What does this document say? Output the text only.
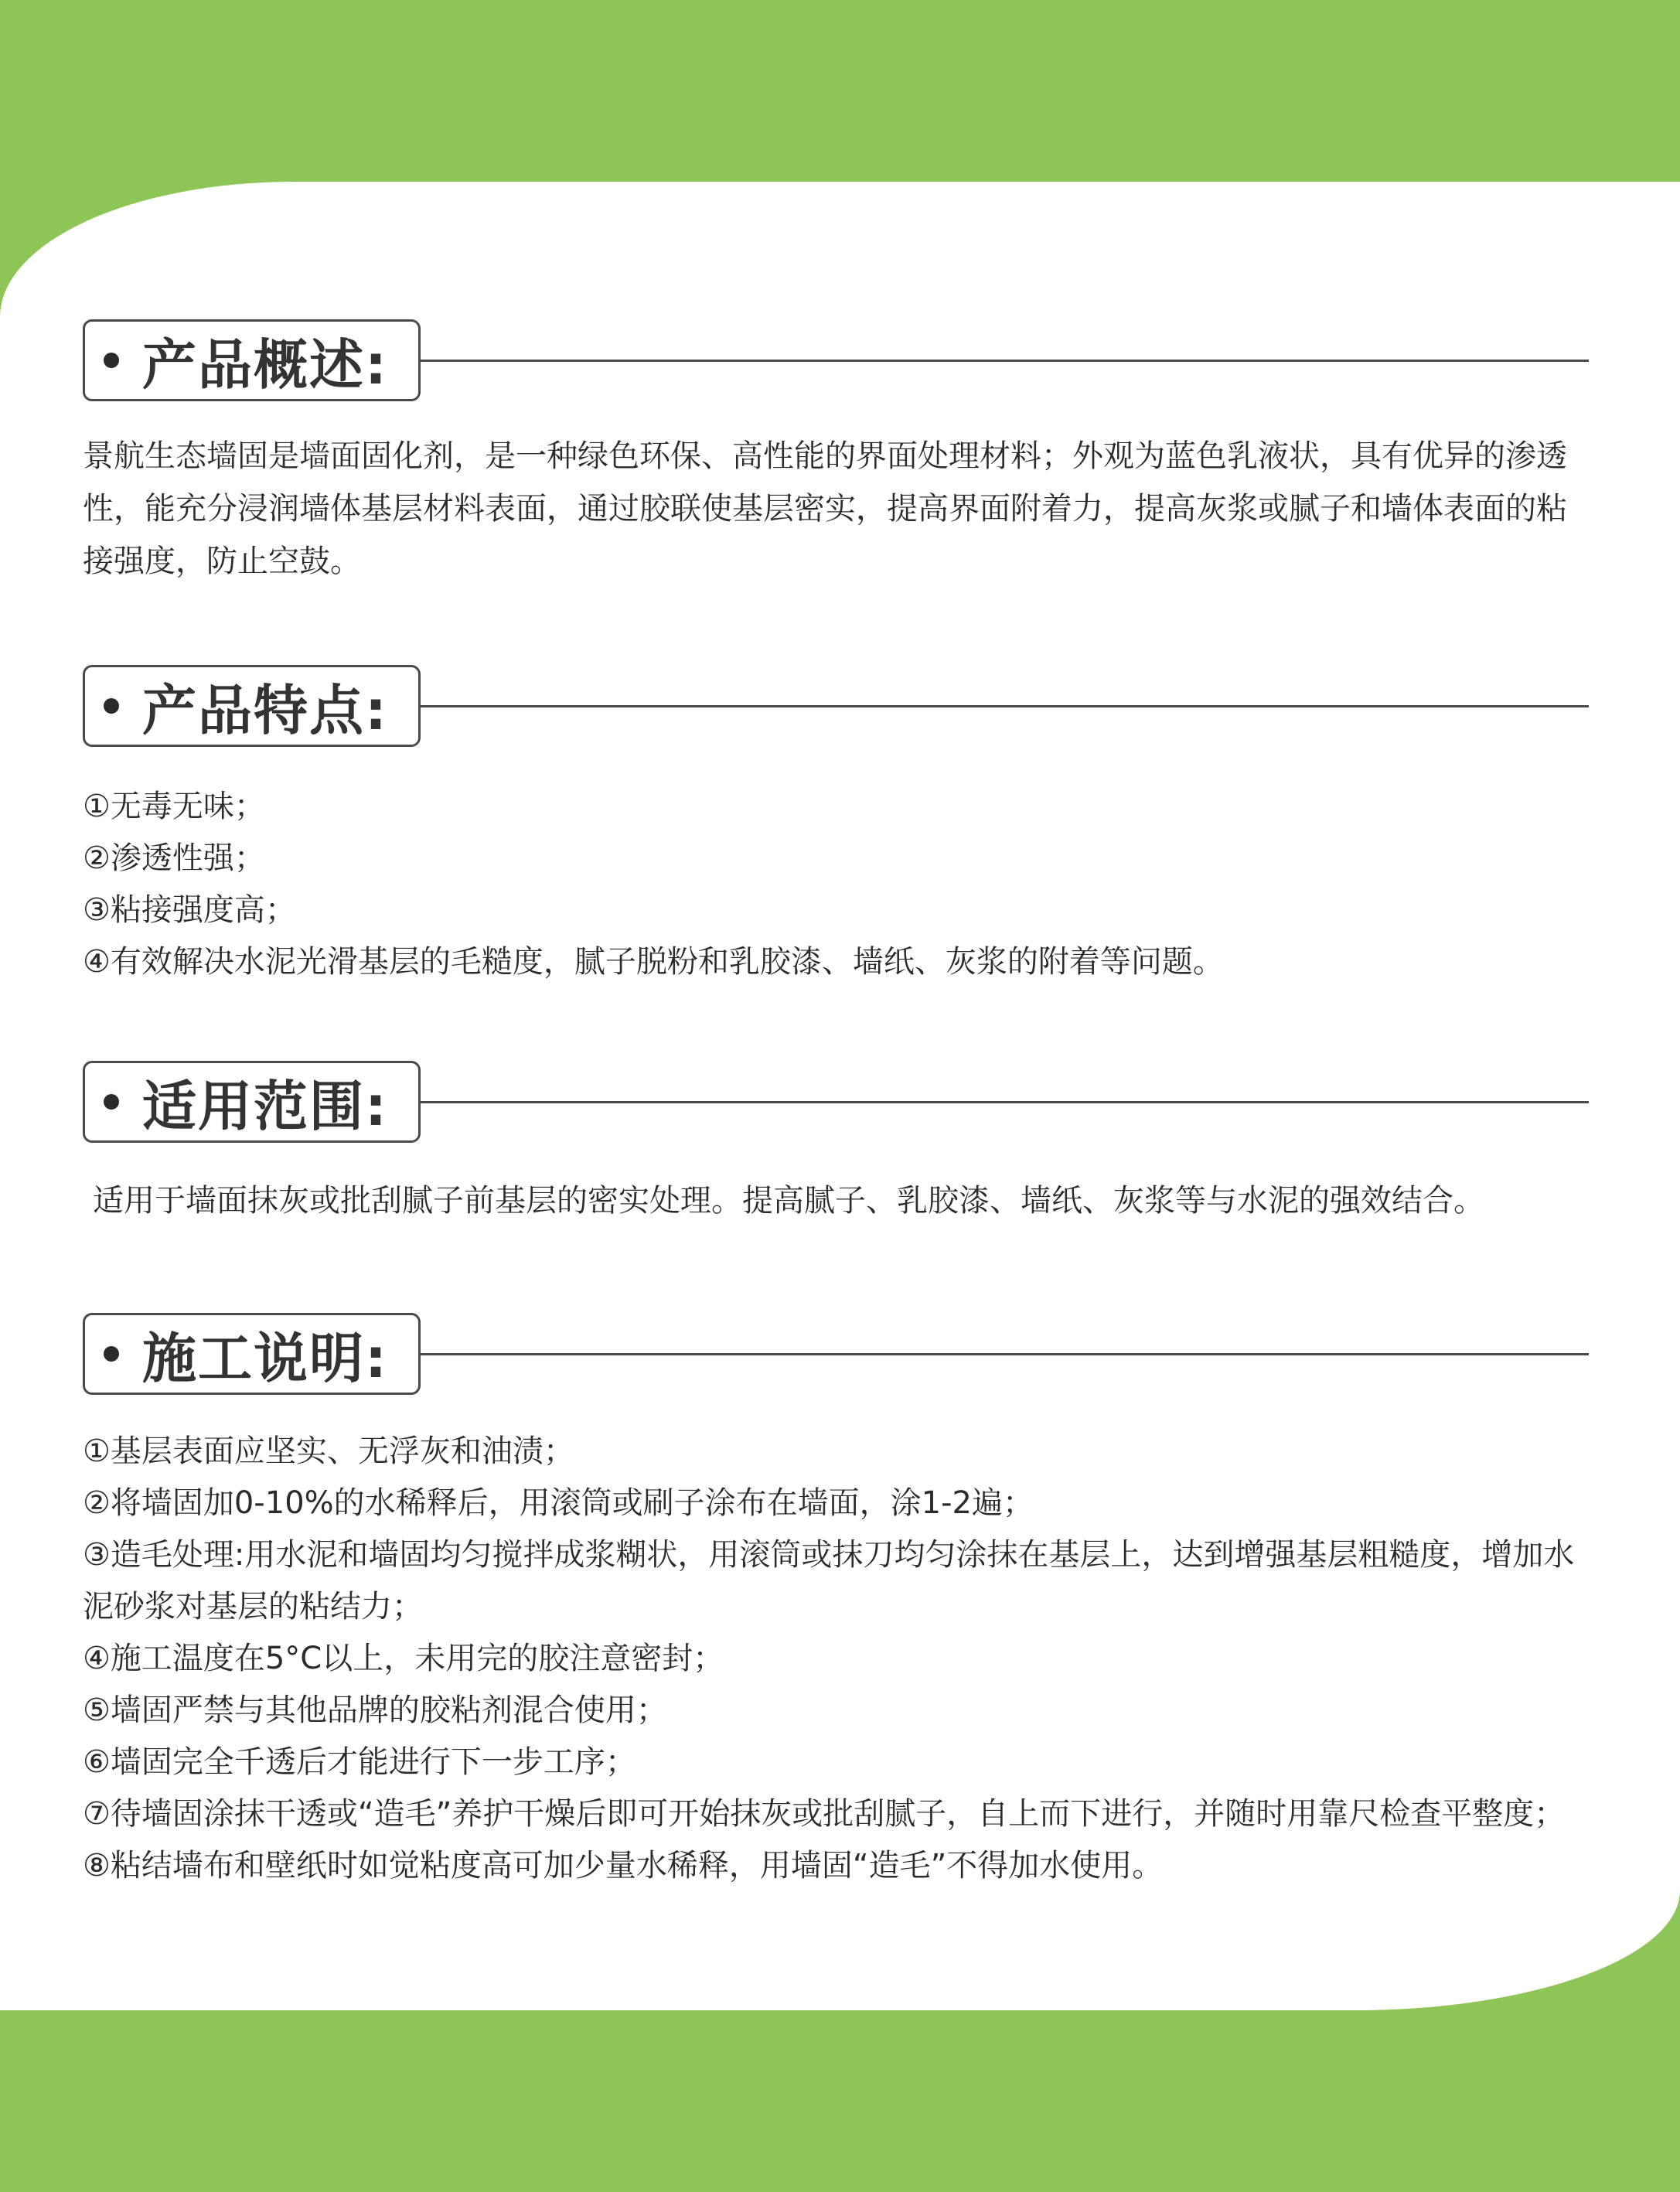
产品概述:

景航生态墙固是墙面固化剂，是一种绿色环保、高性能的界面处理材料；外观为蓝色乳液状，具有优异的渗透性，能充分浸润墙体基层材料表面，通过胶联使基层密实，提高界面附着力，提高灰浆或腻子和墙体表面的粘接强度，防止空鼓。

产品特点:

①无毒无味；

②渗透性强；

③粘接强度高；

④有效解决水泥光滑基层的毛糙度，腻子脱粉和乳胶漆、墙纸、灰浆的附着等问题。

适用范围:

适用于墙面抹灰或批刮腻子前基层的密实处理。提高腻子、乳胶漆、墙纸、灰浆等与水泥的强效结合。

施工说明:

①基层表面应坚实、无浮灰和油渍；

②将墙固加0-10%的水稀释后，用滚筒或刷子涂布在墙面，涂1-2遍；

③造毛处理:用水泥和墙固均匀搅拌成浆糊状，用滚筒或抹刀均匀涂抹在基层上，达到增强基层粗糙度，增加水泥砂浆对基层的粘结力；

④施工温度在5°C以上，未用完的胶注意密封；

⑤墙固严禁与其他品牌的胶粘剂混合使用；

⑥墙固完全千透后才能进行下一步工序；

⑦待墙固涂抹干透或“造毛”养护干燥后即可开始抹灰或批刮腻子，自上而下进行，并随时用靠尺检查平整度；

⑧粘结墙布和壁纸时如觉粘度高可加少量水稀释，用墙固“造毛”不得加水使用。
